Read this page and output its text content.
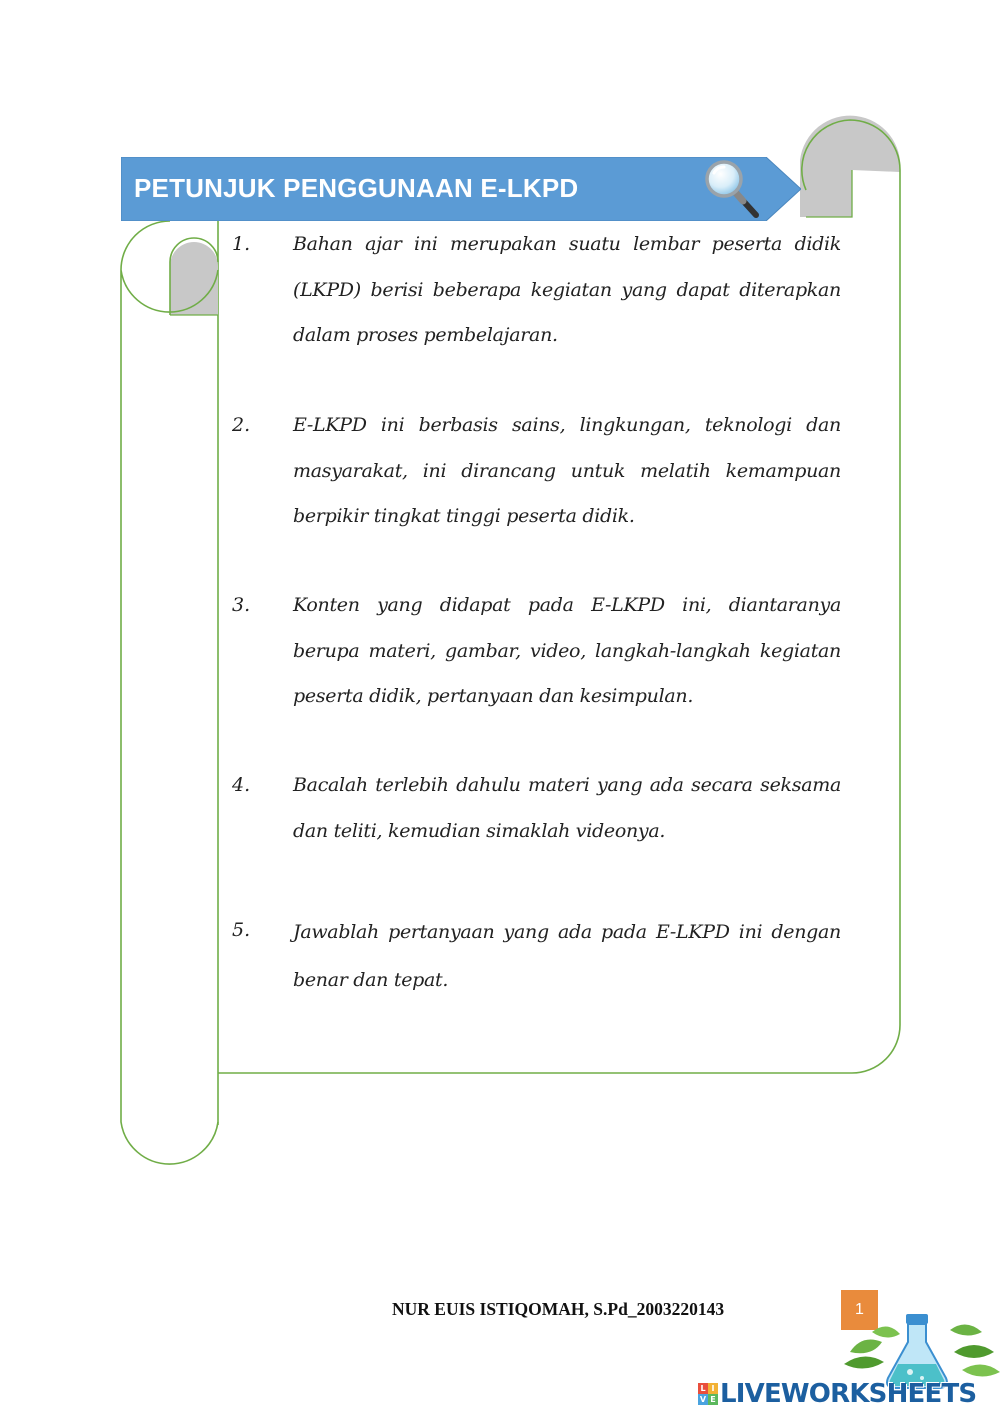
PETUNJUK PENGGUNAAN E-LKPD
1. Bahan ajar ini merupakan suatu lembar peserta didik (LKPD) berisi beberapa kegiatan yang dapat diterapkan dalam proses pembelajaran.
2. E-LKPD ini berbasis sains, lingkungan, teknologi dan masyarakat, ini dirancang untuk melatih kemampuan berpikir tingkat tinggi peserta didik.
3. Konten yang didapat pada E-LKPD ini, diantaranya berupa materi, gambar, video, langkah-langkah kegiatan peserta didik, pertanyaan dan kesimpulan.
4. Bacalah terlebih dahulu materi yang ada secara seksama dan teliti, kemudian simaklah videonya.
5. Jawablah pertanyaan yang ada pada E-LKPD ini dengan benar dan tepat.
NUR EUIS ISTIQOMAH, S.Pd_2003220143	1
L I
V E LIVEWORKSHEETS
